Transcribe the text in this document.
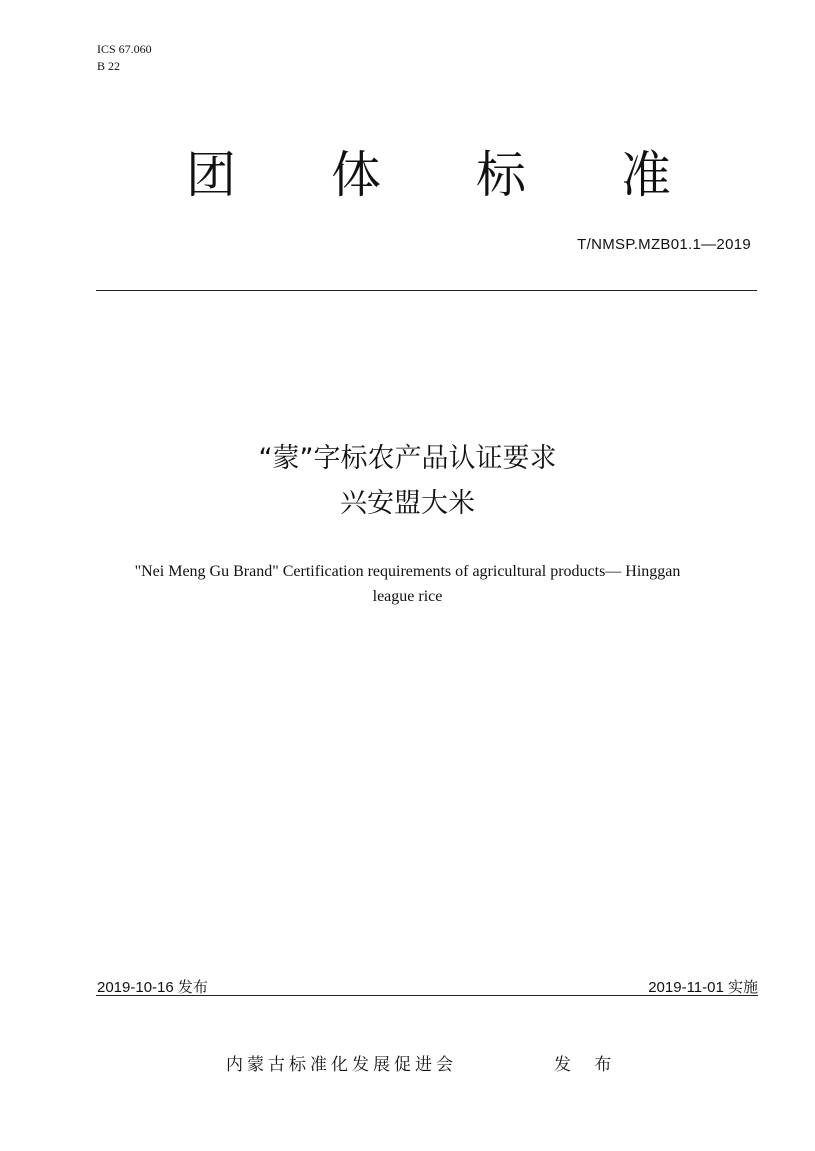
ICS 67.060
B 22
团 体 标 准
T/NMSP.MZB01.1—2019
“蒙”字标农产品认证要求
兴安盟大米
"Nei Meng Gu Brand" Certification requirements of agricultural products— Hinggan
league rice
2019-10-16 发布	2019-11-01 实施
内蒙古标准化发展促进会	发 布
